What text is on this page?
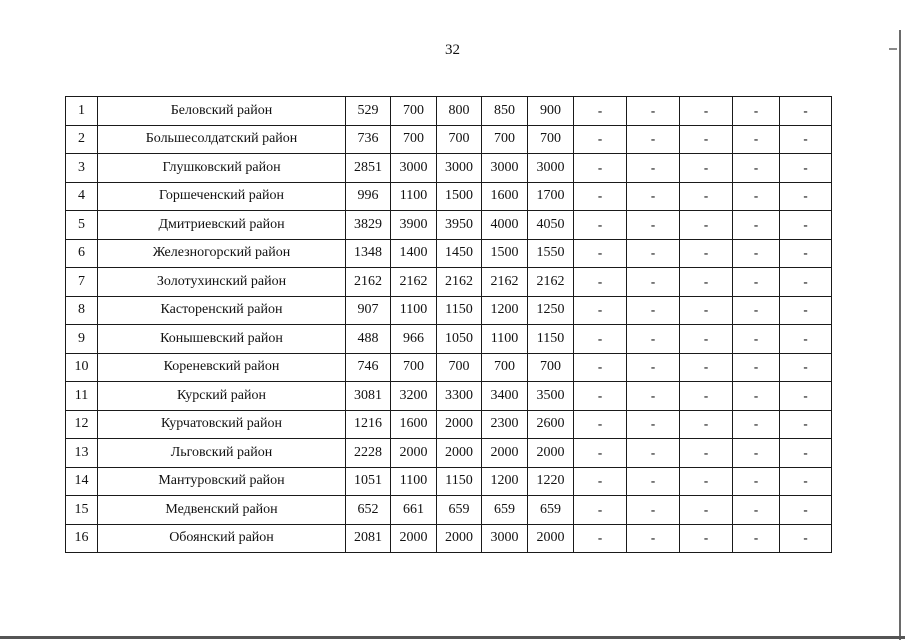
32
1	Беловский район	529	700	800	850	900	-	-	-	-	-
2	Большесолдатский район	736	700	700	700	700	-	-	-	-	-
3	Глушковский район	2851	3000	3000	3000	3000	-	-	-	-	-
4	Горшеченский район	996	1100	1500	1600	1700	-	-	-	-	-
5	Дмитриевский район	3829	3900	3950	4000	4050	-	-	-	-	-
6	Железногорский район	1348	1400	1450	1500	1550	-	-	-	-	-
7	Золотухинский район	2162	2162	2162	2162	2162	-	-	-	-	-
8	Касторенский район	907	1100	1150	1200	1250	-	-	-	-	-
9	Конышевский район	488	966	1050	1100	1150	-	-	-	-	-
10	Кореневский район	746	700	700	700	700	-	-	-	-	-
11	Курский район	3081	3200	3300	3400	3500	-	-	-	-	-
12	Курчатовский район	1216	1600	2000	2300	2600	-	-	-	-	-
13	Льговский район	2228	2000	2000	2000	2000	-	-	-	-	-
14	Мантуровский район	1051	1100	1150	1200	1220	-	-	-	-	-
15	Медвенский район	652	661	659	659	659	-	-	-	-	-
16	Обоянский район	2081	2000	2000	3000	2000	-	-	-	-	-
